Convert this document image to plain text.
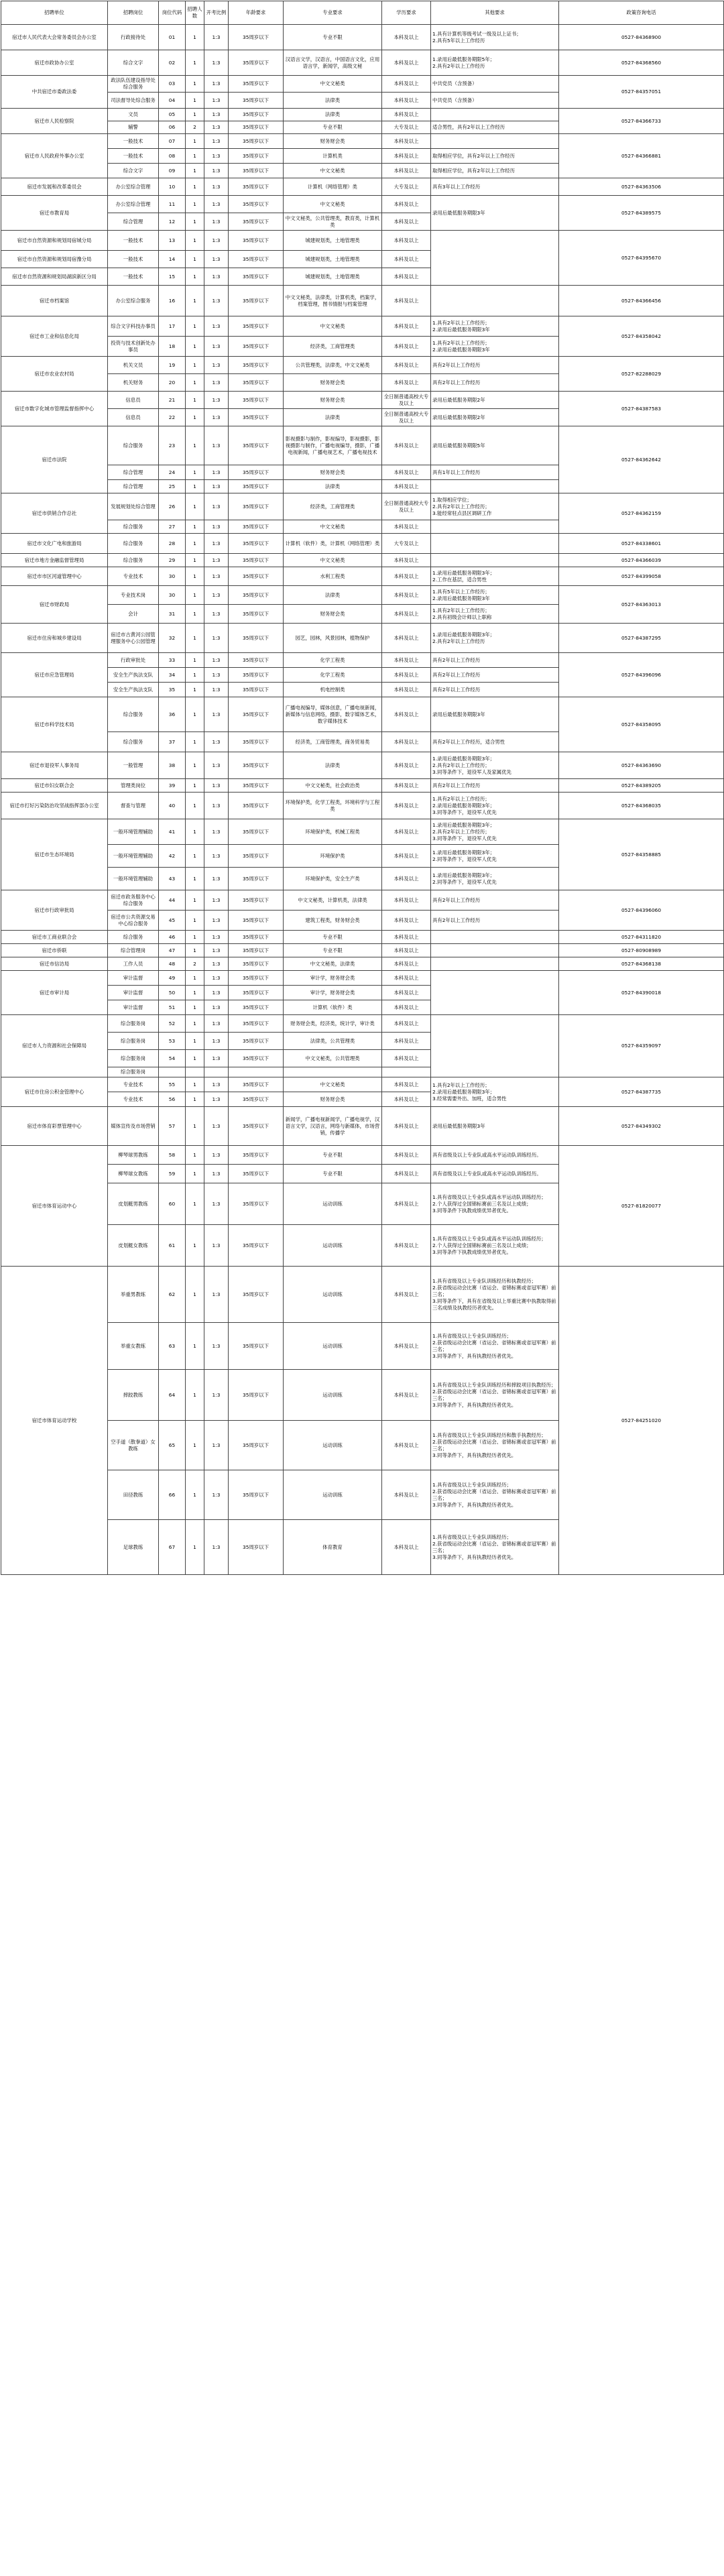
招聘单位	招聘岗位	岗位代码	招聘人数	开考比例	年龄要求	专业要求	学历要求	其他要求	政策咨询电话
宿迁市人民代表大会常务委员会办公室	行政接待处	01	1	1:3	35周岁以下	专业不限	本科及以上	1.具有计算机等级考试一级及以上证书；
2.具有5年以上工作经历	0527-84368900
宿迁市政协办公室	综合文字	02	1	1:3	35周岁以下	汉语言文学，汉语言，中国语言文化，应用语言学，新闻学，高级文秘	本科及以上	1.录用后最低服务期限5年；
2.具有2年以上工作经历	0527-84368560
中共宿迁市委政法委	政法队伍建设指导处综合服务	03	1	1:3	35周岁以下	中文文秘类	本科及以上	中共党员（含预备）	0527-84357051
	司法督导处综合服务	04	1	1:3	35周岁以下	法律类	本科及以上	中共党员（含预备）	
宿迁市人民检察院	文员	05	1	1:3	35周岁以下	法律类	本科及以上		0527-84366733
	辅警	06	2	1:3	35周岁以下	专业不限	大专及以上	适合男性，具有2年以上工作经历	
宿迁市人民政府外事办公室	一般技术	07	1	1:3	35周岁以下	财务财会类	本科及以上		0527-84366881
	一般技术	08	1	1:3	35周岁以下	计算机类	本科及以上	取得相应学位，具有2年以上工作经历	
	综合文字	09	1	1:3	35周岁以下	中文文秘类	本科及以上	取得相应学位，具有2年以上工作经历	
宿迁市发展和改革委员会	办公室综合管理	10	1	1:3	35周岁以下	计算机（网络管理）类	大专及以上	具有3年以上工作经历	0527-84363506
宿迁市教育局	办公室综合管理	11	1	1:3	35周岁以下	中文文秘类	本科及以上	录用后最低服务期限3年	0527-84389575
	综合管理	12	1	1:3	35周岁以下	中文文秘类，公共管理类，教育类，计算机类	本科及以上		
宿迁市自然资源和规划局宿城分局	一般技术	13	1	1:3	35周岁以下	城建规划类，土地管理类	本科及以上		0527-84395670
宿迁市自然资源和规划局宿豫分局	一般技术	14	1	1:3	35周岁以下	城建规划类，土地管理类	本科及以上		
宿迁市自然资源和规划局湖滨新区分局	一般技术	15	1	1:3	35周岁以下	城建规划类，土地管理类	本科及以上		
宿迁市档案馆	办公室综合服务	16	1	1:3	35周岁以下	中文文秘类，法律类，计算机类，档案学，档案管理，图书情报与档案管理	本科及以上		0527-84366456
宿迁市工业和信息化局	综合文字科技办事员	17	1	1:3	35周岁以下	中文文秘类	本科及以上	1.具有2年以上工作经历；
2.录用后最低服务期限3年	0527-84358042
	投资与技术创新处办事员	18	1	1:3	35周岁以下	经济类，工商管理类	本科及以上	1.具有2年以上工作经历；
2.录用后最低服务期限3年	
宿迁市农业农村局	机关文员	19	1	1:3	35周岁以下	公共管理类，法律类，中文文秘类	本科及以上	具有2年以上工作经历	0527-82288029
	机关财务	20	1	1:3	35周岁以下	财务财会类	本科及以上	具有2年以上工作经历	
宿迁市数字化城市管理监督指挥中心	信息员	21	1	1:3	35周岁以下	财务财会类	全日制普通高校大专及以上	录用后最低服务期限2年	0527-84387583
	信息员	22	1	1:3	35周岁以下	法律类	全日制普通高校大专及以上	录用后最低服务期限2年	
宿迁市法院	综合服务	23	1	1:3	35周岁以下	影视摄影与制作，影视编导，影视摄影，影视摄影与制作，广播电视编导，摄影，广播电视新闻，广播电视艺术，广播电视技术	本科及以上	录用后最低服务期限5年	0527-84362642
	综合管理	24	1	1:3	35周岁以下	财务财会类	本科及以上	具有1年以上工作经历	
	综合管理	25	1	1:3	35周岁以下	法律类	本科及以上		
宿迁市供销合作总社	发展规划处综合管理	26	1	1:3	35周岁以下	经济类，工商管理类	全日制普通高校大专及以上	1.取得相应学位；
2.具有2年以上工作经历；
3.能经常驻点县区调研工作	0527-84362159
	综合服务	27	1	1:3	35周岁以下	中文文秘类	本科及以上		
宿迁市文化广电和旅游局	综合服务	28	1	1:3	35周岁以下	计算机（软件）类，计算机（网络管理）类	大专及以上		0527-84338601
宿迁市地方金融监督管理局	综合服务	29	1	1:3	35周岁以下	中文文秘类	本科及以上		0527-84366039
宿迁市市区河道管理中心	专业技术	30	1	1:3	35周岁以下	水利工程类	本科及以上	1.录用后最低服务期限3年；
2.工作在基层，适合男性	0527-84399058
宿迁市财政局	专业技术岗	30	1	1:3	35周岁以下	法律类	本科及以上	1.具有5年以上工作经历；
2.录用后最低服务期限3年	0527-84363013
	会计	31	1	1:3	35周岁以下	财务财会类	本科及以上	1.具有2年以上工作经历；
2.具有初级会计师以上职称	
宿迁市住房和城乡建设局	宿迁市古黄河公园管理服务中心公园管理	32	1	1:3	35周岁以下	园艺，园林，风景园林，植物保护	本科及以上	1.录用后最低服务期限3年；
2.具有2年以上工作经历	0527-84387295
宿迁市应急管理局	行政审批处	33	1	1:3	35周岁以下	化学工程类	本科及以上	具有2年以上工作经历	0527-84396096
	安全生产执法支队	34	1	1:3	35周岁以下	化学工程类	本科及以上	具有2年以上工作经历	
	安全生产执法支队	35	1	1:3	35周岁以下	机电控制类	本科及以上	具有2年以上工作经历	
宿迁市科学技术局	综合服务	36	1	1:3	35周岁以下	广播电视编导，媒体创意，广播电视新闻，新媒体与信息网络，摄影，数字媒体艺术，数字媒体技术	本科及以上	录用后最低服务期限3年	0527-84358095
	综合服务	37	1	1:3	35周岁以下	经济类，工商管理类，商务贸易类	本科及以上	具有2年以上工作经历，适合男性	
宿迁市退役军人事务局	一般管理	38	1	1:3	35周岁以下	法律类	本科及以上	1.录用后最低服务期限3年；
2.具有2年以上工作经历；
3.同等条件下，退役军人及家属优先	0527-84363690
宿迁市妇女联合会	管理类岗位	39	1	1:3	35周岁以下	中文文秘类，社会政治类	本科及以上	具有2年以上工作经历	0527-84389205
宿迁市打好污染防治攻坚战指挥部办公室	督查与管理	40	1	1:3	35周岁以下	环境保护类，化学工程类，环境科学与工程类	本科及以上	1.具有2年以上工作经历；
2.录用后最低服务期限3年；
3.同等条件下，退役军人优先	0527-84368035
宿迁市生态环境局	一般环境管理辅助	41	1	1:3	35周岁以下	环境保护类，机械工程类	本科及以上	1.录用后最低服务期限3年；
2.具有2年以上工作经历；
3.同等条件下，退役军人优先	0527-84358885
	一般环境管理辅助	42	1	1:3	35周岁以下	环境保护类	本科及以上	1.录用后最低服务期限3年；
2.同等条件下，退役军人优先	
	一般环境管理辅助	43	1	1:3	35周岁以下	环境保护类，安全生产类	本科及以上	1.录用后最低服务期限3年；
2.同等条件下，退役军人优先	
宿迁市行政审批局	宿迁市政务服务中心综合服务	44	1	1:3	35周岁以下	中文文秘类，计算机类，法律类	本科及以上	具有2年以上工作经历	0527-84396060
	宿迁市公共资源交易中心综合服务	45	1	1:3	35周岁以下	建筑工程类，财务财会类	本科及以上	具有2年以上工作经历	
宿迁市工商业联合会	综合服务	46	1	1:3	35周岁以下	专业不限	本科及以上		0527-84311820
宿迁市侨联	综合管理岗	47	1	1:3	35周岁以下	专业不限	本科及以上		0527-80908989
宿迁市信访局	工作人员	48	2	1:3	35周岁以下	中文文秘类，法律类	本科及以上		0527-84368138
宿迁市审计局	审计监督	49	1	1:3	35周岁以下	审计学，财务财会类	本科及以上		0527-84390018
	审计监督	50	1	1:3	35周岁以下	审计学，财务财会类	本科及以上		
	审计监督	51	1	1:3	35周岁以下	计算机（软件）类	本科及以上		
宿迁市人力资源和社会保障局	综合服务岗	52	1	1:3	35周岁以下	财务财会类，经济类，统计学，审计类	本科及以上		0527-84359097
	综合服务岗	53	1	1:3	35周岁以下	法律类，公共管理类	本科及以上		
	综合服务岗	54	1	1:3	35周岁以下	中文文秘类，公共管理类	本科及以上		
	综合服务岗								
宿迁市住房公积金管理中心	专业技术	55	1	1:3	35周岁以下	中文文秘类	本科及以上	1.具有2年以上工作经历；
2.录用后最低服务期限3年；
3.经常需要外出、加班，适合男性	0527-84387735
	专业技术	56	1	1:3	35周岁以下	财务财会类	本科及以上		
宿迁市体育彩票管理中心	媒体宣传及市场营销	57	1	1:3	35周岁以下	新闻学，广播电视新闻学，广播电视学，汉语言文学，汉语言，网络与新媒体，市场营销，传播学	本科及以上	录用后最低服务期限3年	0527-84349302
宿迁市体育运动中心	柳琴球男教练	58	1	1:3	35周岁以下	专业不限	本科及以上	具有省级及以上专业队或高水平运动队训练经历。	0527-81820077
	柳琴球女教练	59	1	1:3	35周岁以下	专业不限	本科及以上	具有省级及以上专业队或高水平运动队训练经历。	
	皮划艇男教练	60	1	1:3	35周岁以下	运动训练	本科及以上	1.具有省级及以上专业队或高水平运动队训练经历；
2.个人获得过全国锦标赛前三名及以上成绩；
3.同等条件下执教成绩优异者优先。	
	皮划艇女教练	61	1	1:3	35周岁以下	运动训练	本科及以上	1.具有省级及以上专业队或高水平运动队训练经历；
2.个人获得过全国锦标赛前三名及以上成绩；
3.同等条件下执教成绩优异者优先。	
宿迁市体育运动学校	举重男教练	62	1	1:3	35周岁以下	运动训练	本科及以上	1.具有省级及以上专业队训练经历和执教经历；
2.获省级运动会比赛（省运会、省锦标赛或省冠军赛）前三名；
3.同等条件下，具有在省级及以上举重比赛中执教取得前三名成绩及执教经历者优先。	0527-84251020
	举重女教练	63	1	1:3	35周岁以下	运动训练	本科及以上	1.具有省级及以上专业队训练经历；
2.获省级运动会比赛（省运会、省锦标赛或省冠军赛）前三名；
3.同等条件下，具有执教经历者优先。	
	摔跤教练	64	1	1:3	35周岁以下	运动训练	本科及以上	1.具有省级及以上专业队训练经历和摔跤项目执教经历；
2.获省级运动会比赛（省运会、省锦标赛或省冠军赛）前三名；
3.同等条件下，具有执教经历者优先。	
	空手道（散拳道）女教练	65	1	1:3	35周岁以下	运动训练	本科及以上	1.具有省级及以上专业队训练经历和散手执教经历；
2.获省级运动会比赛（省运会、省锦标赛或省冠军赛）前三名；
3.同等条件下，具有执教经历者优先。	
	田径教练	66	1	1:3	35周岁以下	运动训练	本科及以上	1.具有省级及以上专业队训练经历；
2.获省级运动会比赛（省运会、省锦标赛或省冠军赛）前三名；
3.同等条件下，具有执教经历者优先。	
	足球教练	67	1	1:3	35周岁以下	体育教育	本科及以上	1.具有省级及以上专业队训练经历；
2.获省级运动会比赛（省运会、省锦标赛或省冠军赛）前三名；
3.同等条件下，具有执教经历者优先。	
